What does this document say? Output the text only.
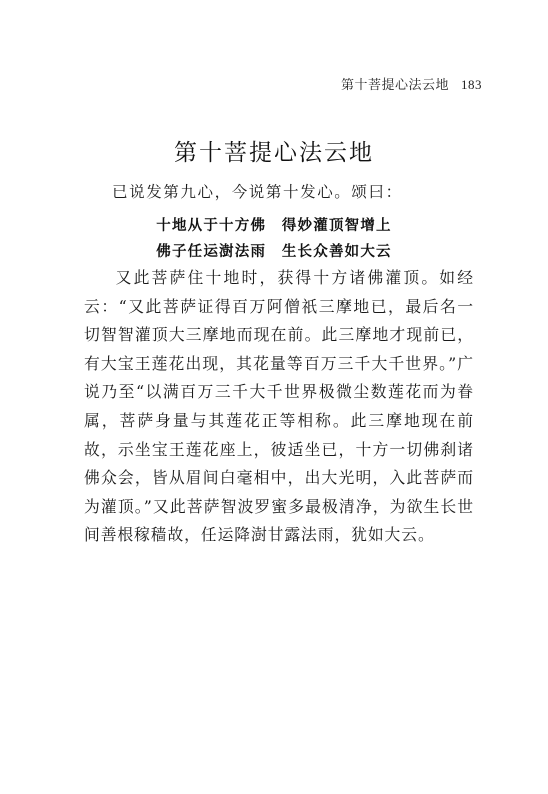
第十菩提心法云地 183
第十菩提心法云地
已说发第九心，今说第十发心。颂曰：
十地从于十方佛　得妙灌顶智增上
佛子任运澍法雨　生长众善如大云

又此菩萨住十地时，获得十方诸佛灌顶。如经云：“又此菩萨证得百万阿僧祇三摩地已，最后名一切智智灌顶大三摩地而现在前。此三摩地才现前已，有大宝王莲花出现，其花量等百万三千大千世界。”广说乃至“以满百万三千大千世界极微尘数莲花而为眷属，菩萨身量与其莲花正等相称。此三摩地现在前故，示坐宝王莲花座上，彼适坐已，十方一切佛刹诸佛众会，皆从眉间白毫相中，出大光明，入此菩萨而为灌顶。”又此菩萨智波罗蜜多最极清净，为欲生长世间善根稼穑故，任运降澍甘露法雨，犹如大云。
